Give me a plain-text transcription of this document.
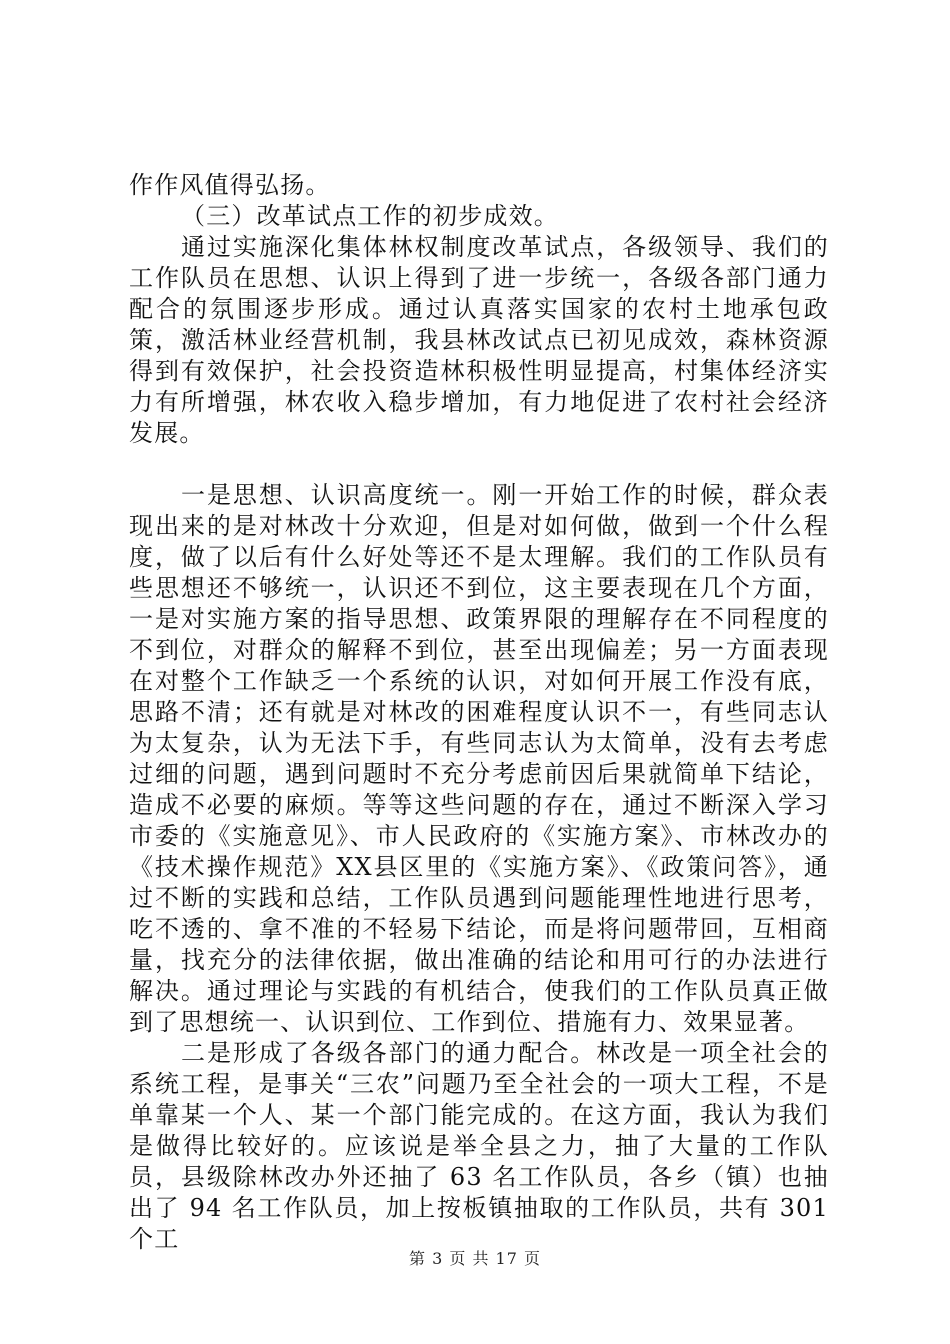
作作风值得弘扬。

（三）改革试点工作的初步成效。

通过实施深化集体林权制度改革试点，各级领导、我们的工作队员在思想、认识上得到了进一步统一，各级各部门通力配合的氛围逐步形成。通过认真落实国家的农村土地承包政策，激活林业经营机制，我县林改试点已初见成效，森林资源得到有效保护，社会投资造林积极性明显提高，村集体经济实力有所增强，林农收入稳步增加，有力地促进了农村社会经济发展。

一是思想、认识高度统一。刚一开始工作的时候，群众表现出来的是对林改十分欢迎，但是对如何做，做到一个什么程度，做了以后有什么好处等还不是太理解。我们的工作队员有些思想还不够统一，认识还不到位，这主要表现在几个方面，一是对实施方案的指导思想、政策界限的理解存在不同程度的不到位，对群众的解释不到位，甚至出现偏差；另一方面表现在对整个工作缺乏一个系统的认识，对如何开展工作没有底，思路不清；还有就是对林改的困难程度认识不一，有些同志认为太复杂，认为无法下手，有些同志认为太简单，没有去考虑过细的问题，遇到问题时不充分考虑前因后果就简单下结论，造成不必要的麻烦。等等这些问题的存在，通过不断深入学习市委的《实施意见》、市人民政府的《实施方案》、市林改办的《技术操作规范》XX县区里的《实施方案》、《政策问答》，通过不断的实践和总结，工作队员遇到问题能理性地进行思考，吃不透的、拿不准的不轻易下结论，而是将问题带回，互相商量，找充分的法律依据，做出准确的结论和用可行的办法进行解决。通过理论与实践的有机结合，使我们的工作队员真正做到了思想统一、认识到位、工作到位、措施有力、效果显著。

二是形成了各级各部门的通力配合。林改是一项全社会的系统工程，是事关“三农”问题乃至全社会的一项大工程，不是单靠某一个人、某一个部门能完成的。在这方面，我认为我们是做得比较好的。应该说是举全县之力，抽了大量的工作队员，县级除林改办外还抽了 63 名工作队员，各乡（镇）也抽出了 94 名工作队员，加上按板镇抽取的工作队员，共有 301 个工

第 3 页 共 17 页
